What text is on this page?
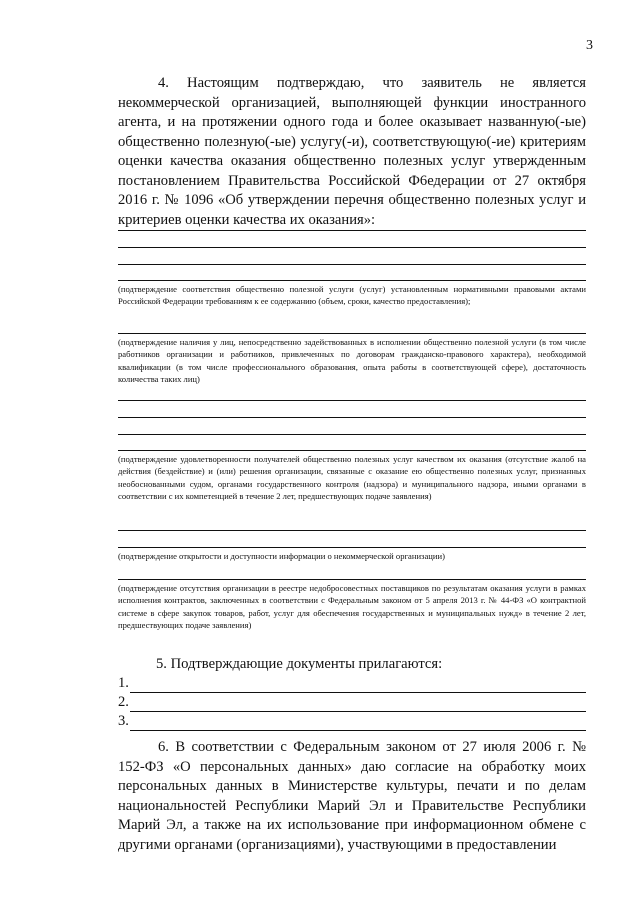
3

4. Настоящим подтверждаю, что заявитель не является некоммерческой организацией, выполняющей функции иностранного агента, и на протяжении одного года и более оказывает названную(-ые) общественно полезную(-ые) услугу(-и), соответствующую(-ие) критериям оценки качества оказания общественно полезных услуг утвержденным постановлением Правительства Российской Ф6едерации от 27 октября 2016 г. № 1096 «Об утверждении перечня общественно полезных услуг и критериев оценки качества их оказания»:

(подтверждение соответствия общественно полезной услуги (услуг) установленным нормативными правовыми актами Российской Федерации требованиям к ее содержанию (объем, сроки, качество предоставления);
(подтверждение наличия у лиц, непосредственно задействованных в исполнении общественно полезной услуги (в том числе работников организации и работников, привлеченных по договорам гражданско-правового характера), необходимой квалификации (в том числе профессионального образования, опыта работы в соответствующей сфере), достаточность количества таких лиц)
(подтверждение удовлетворенности получателей общественно полезных услуг качеством их оказания (отсутствие жалоб на действия (бездействие) и (или) решения организации, связанные с оказание ею общественно полезных услуг, признанных необоснованными судом, органами государственного контроля (надзора) и муниципального надзора, иными органами в соответствии с их компетенцией в течение 2 лет, предшествующих подаче заявления)
(подтверждение открытости и доступности информации о некоммерческой организации)
(подтверждение отсутствия организации в реестре недобросовестных поставщиков по результатам оказания услуги в рамках исполнения контрактов, заключенных в соответствии с Федеральным законом от 5 апреля 2013 г. № 44-ФЗ «О контрактной системе в сфере закупок товаров, работ, услуг для обеспечения государственных и муниципальных нужд» в течение 2 лет, предшествующих подаче заявления)
5. Подтверждающие документы прилагаются:
1.
2.
3.

6. В соответствии с Федеральным законом от 27 июля 2006 г. № 152-ФЗ «О персональных данных» даю согласие на обработку моих персональных данных в Министерстве культуры, печати и по делам национальностей Республики Марий Эл и Правительстве Республики Марий Эл, а также на их использование при информационном обмене с другими органами (организациями), участвующими в предоставлении
